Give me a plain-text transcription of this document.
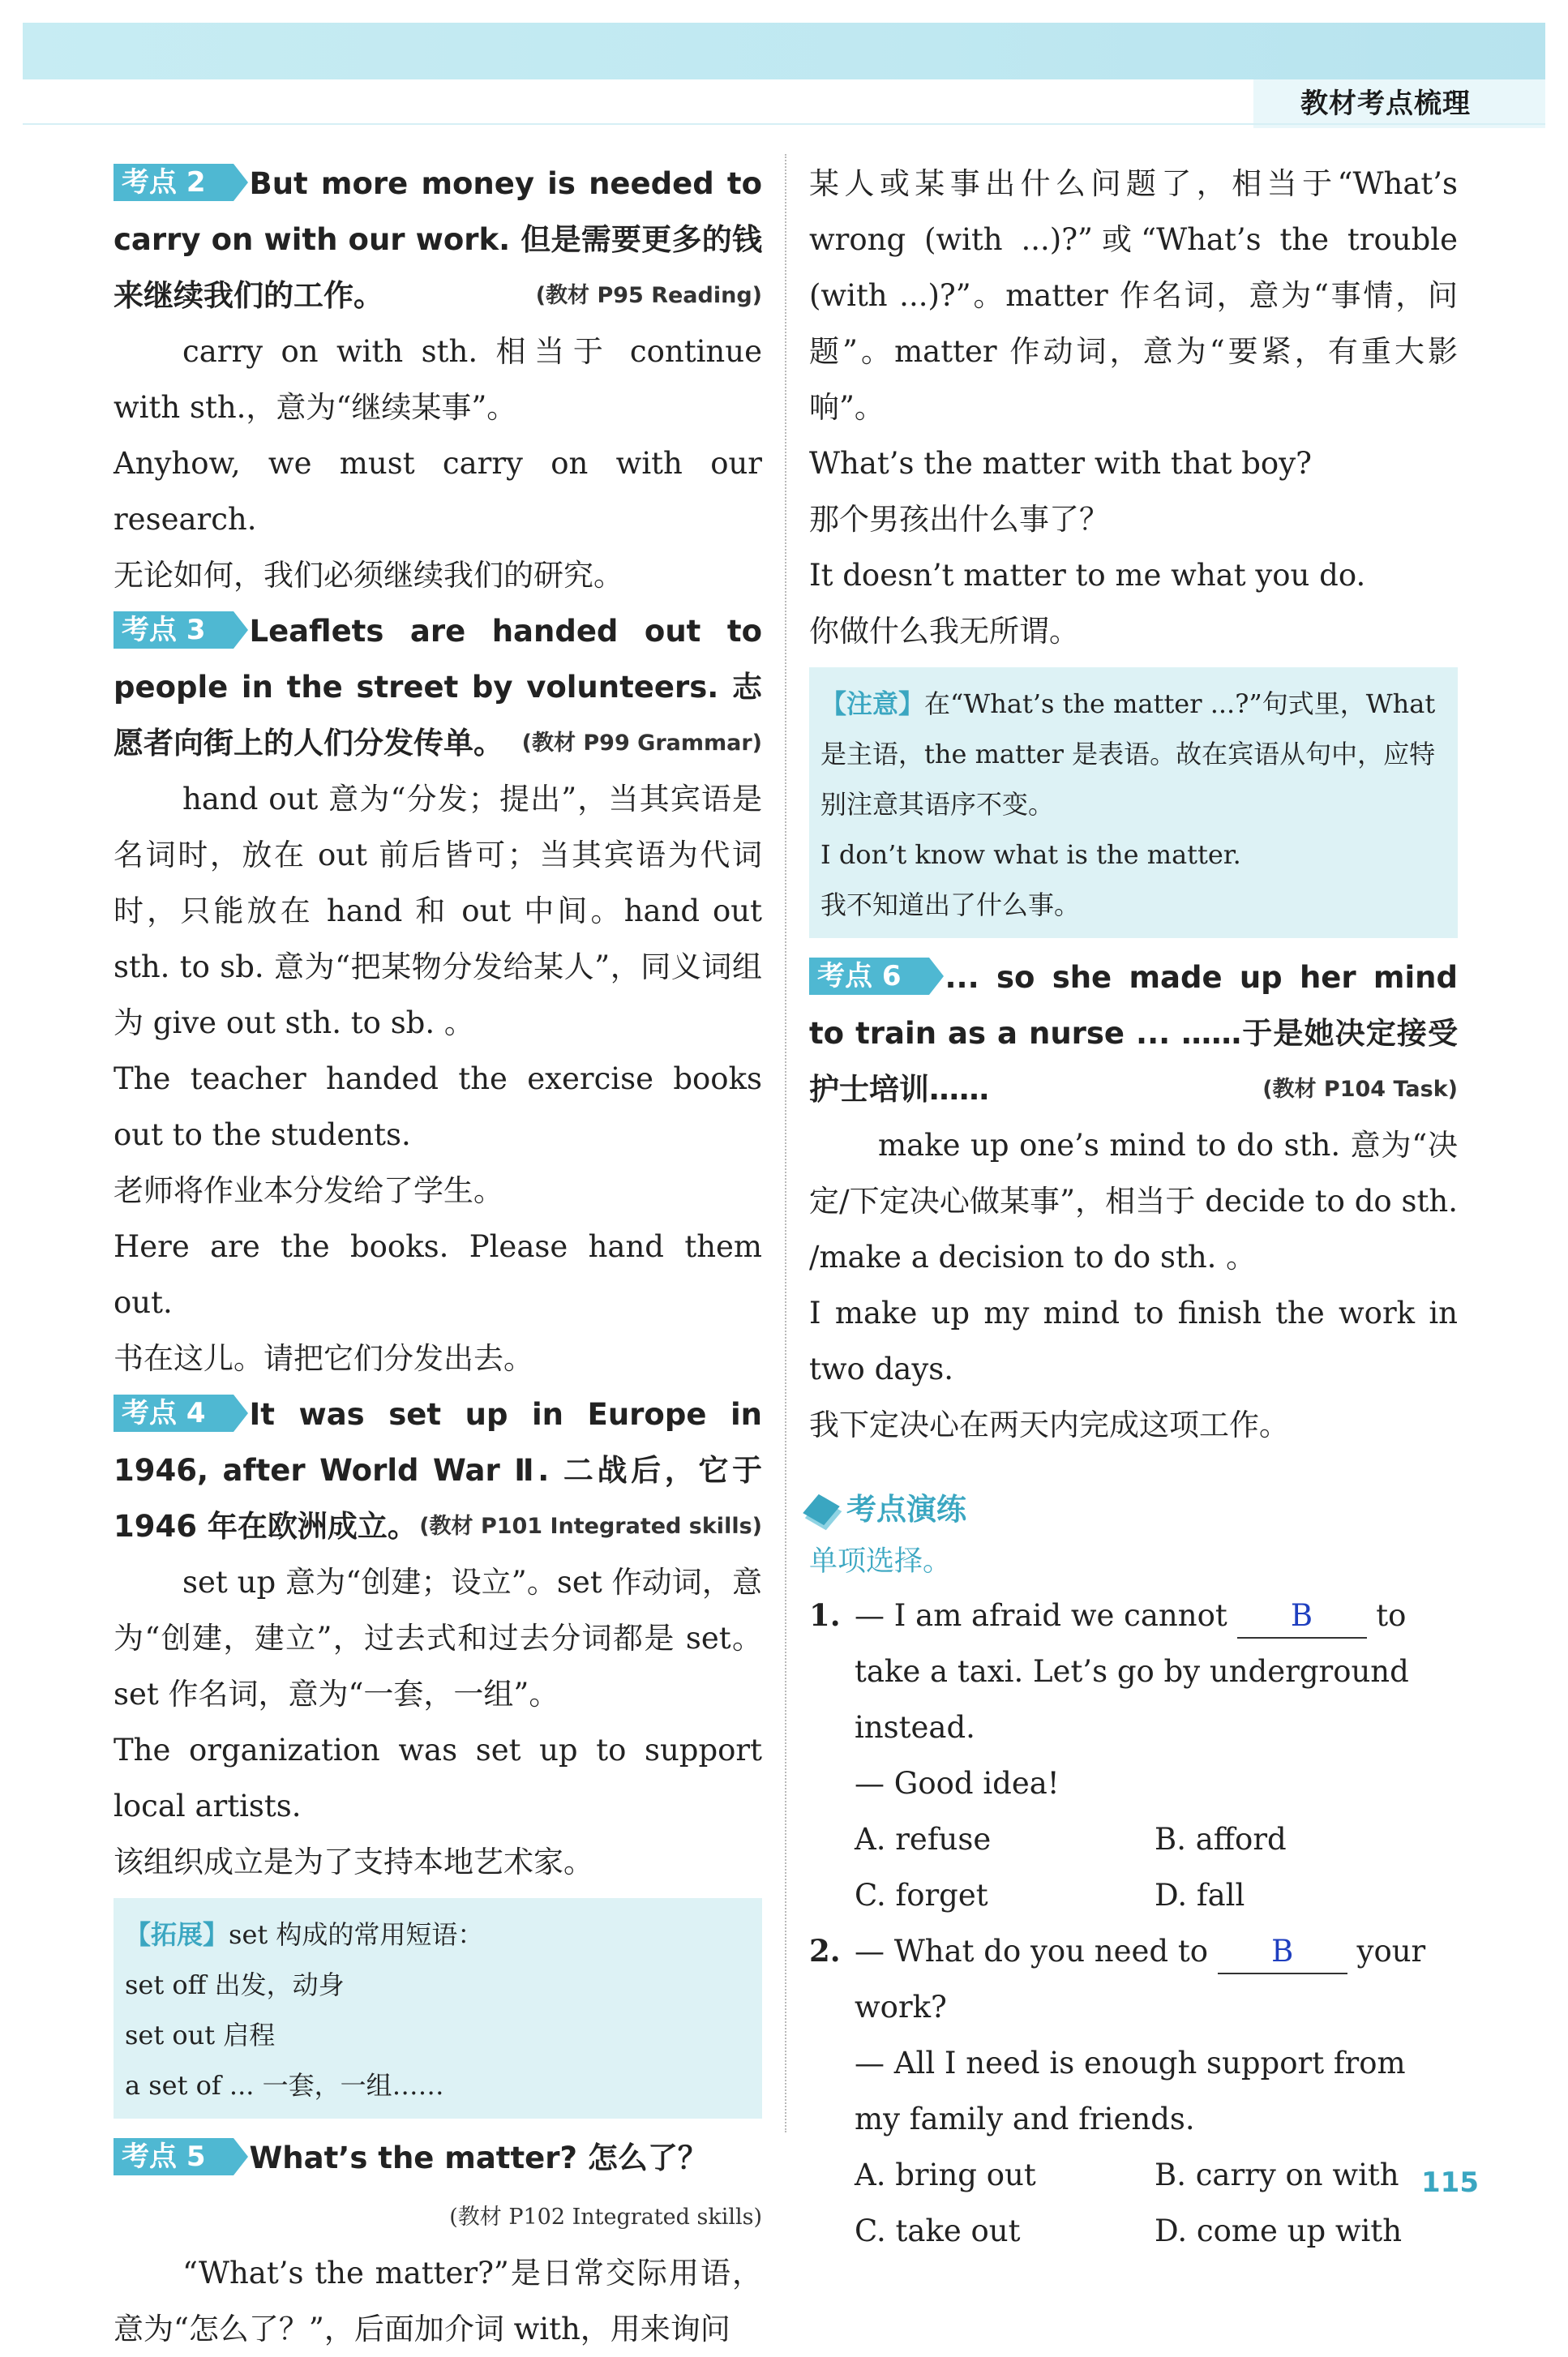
教材考点梳理

考点 2 But more money is needed to carry on with our work. 但是需要更多的钱来继续我们的工作。	(教材 P95 Reading)

carry on with sth. 相当于 continue with sth.，意为“继续某事”。

Anyhow, we must carry on with our research.

无论如何，我们必须继续我们的研究。

考点 3 Leaflets are handed out to people in the street by volunteers. 志愿者向街上的人们分发传单。 (教材 P99 Grammar)

hand out 意为“分发；提出”，当其宾语是名词时，放在 out 前后皆可；当其宾语为代词时，只能放在 hand 和 out 中间。hand out sth. to sb. 意为“把某物分发给某人”，同义词组为 give out sth. to sb. 。

The teacher handed the exercise books out to the students.

老师将作业本分发给了学生。

Here are the books. Please hand them out.

书在这儿。请把它们分发出去。

考点 4 It was set up in Europe in 1946, after World War Ⅱ. 二战后，它于 1946 年在欧洲成立。 (教材 P101 Integrated skills)

set up 意为“创建；设立”。set 作动词，意为“创建，建立”，过去式和过去分词都是 set。set 作名词，意为“一套，一组”。

The organization was set up to support local artists.

该组织成立是为了支持本地艺术家。

【拓展】set 构成的常用短语：
set off 出发，动身
set out 启程
a set of ... 一套，一组……

考点 5 What’s the matter? 怎么了？

(教材 P102 Integrated skills)

“What’s the matter?”是日常交际用语，意为“怎么了？”，后面加介词 with，用来询问

某人或某事出什么问题了，相当于“What’s wrong (with ...)?”或“What’s the trouble (with ...)?”。matter 作名词，意为“事情，问题”。matter 作动词，意为“要紧，有重大影响”。

What’s the matter with that boy?

那个男孩出什么事了？

It doesn’t matter to me what you do.

你做什么我无所谓。

【注意】在“What’s the matter ...?”句式里，What 是主语，the matter 是表语。故在宾语从句中，应特别注意其语序不变。
I don’t know what is the matter.
我不知道出了什么事。

考点 6 ... so she made up her mind to train as a nurse ... ……于是她决定接受护士培训……	(教材 P104 Task)

make up one’s mind to do sth. 意为“决定/下定决心做某事”，相当于 decide to do sth. /make a decision to do sth. 。

I make up my mind to finish the work in two days.

我下定决心在两天内完成这项工作。

考点演练
单项选择。
1. — I am afraid we cannot B to take a taxi. Let’s go by underground instead.
— Good idea!
A. refuse	B. afford
C. forget	D. fall
2. — What do you need to B your work?
— All I need is enough support from my family and friends.
A. bring out	B. carry on with
C. take out	D. come up with
115
